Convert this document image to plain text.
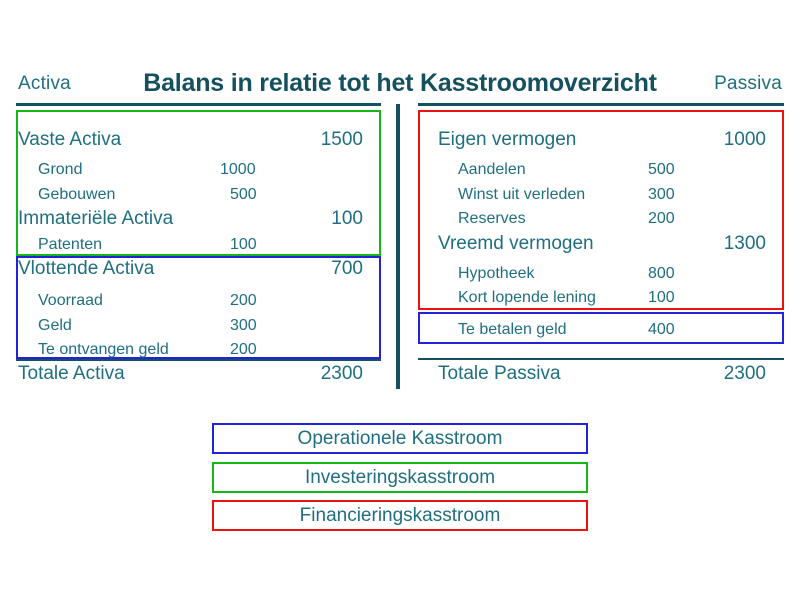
Activa	Passiva
Balans in relatie tot het Kasstroomoverzicht
Vaste Activa	1500
Grond	1000
Gebouwen	500
Immateriële Activa	100
Patenten	100
Vlottende Activa	700
Voorraad	200
Geld	300
Te ontvangen geld	200
Totale Activa	2300
Eigen vermogen	1000
Aandelen	500
Winst uit verleden	300
Reserves	200
Vreemd vermogen	1300
Hypotheek	800
Kort lopende lening	100
Te betalen geld	400
Totale Passiva	2300
Operationele Kasstroom
Investeringskasstroom
Financieringskasstroom
